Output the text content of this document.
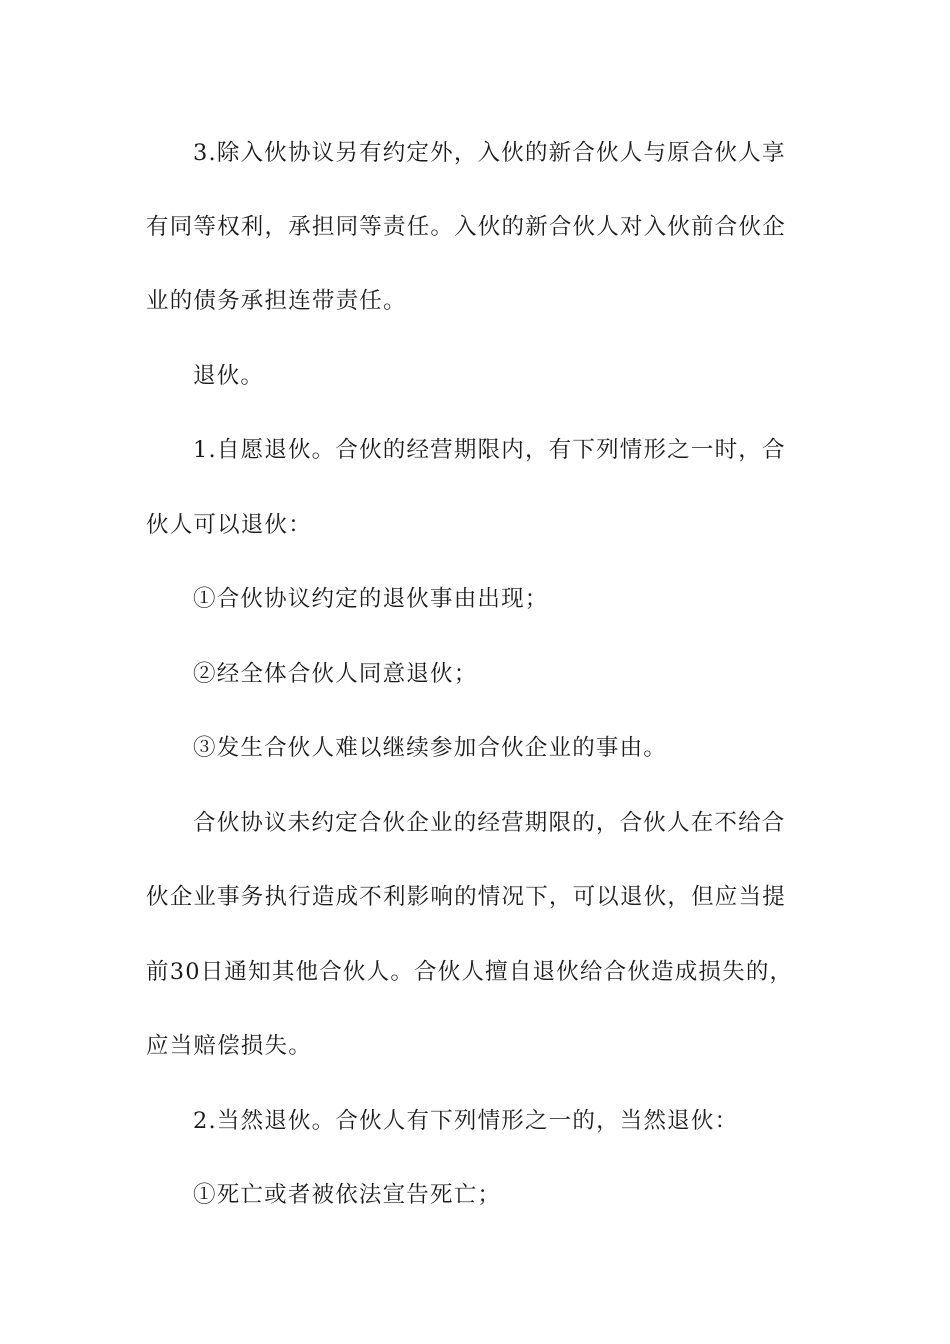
3.除入伙协议另有约定外，入伙的新合伙人与原合伙人享
有同等权利，承担同等责任。入伙的新合伙人对入伙前合伙企
业的债务承担连带责任。
退伙。
1.自愿退伙。合伙的经营期限内，有下列情形之一时，合
伙人可以退伙：
①合伙协议约定的退伙事由出现；
②经全体合伙人同意退伙；
③发生合伙人难以继续参加合伙企业的事由。
合伙协议未约定合伙企业的经营期限的，合伙人在不给合
伙企业事务执行造成不利影响的情况下，可以退伙，但应当提
前30日通知其他合伙人。合伙人擅自退伙给合伙造成损失的，
应当赔偿损失。
2.当然退伙。合伙人有下列情形之一的，当然退伙：
①死亡或者被依法宣告死亡；
